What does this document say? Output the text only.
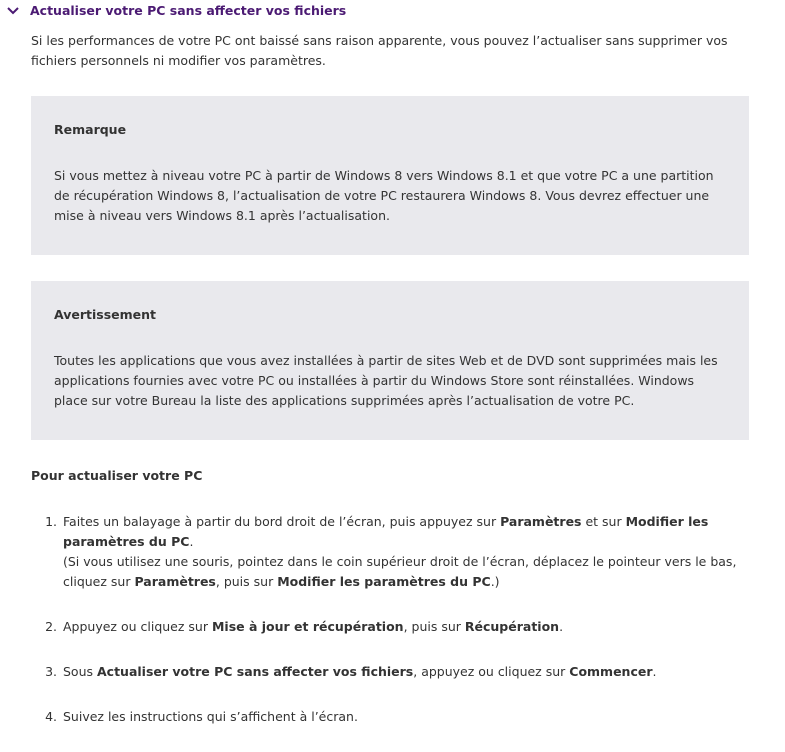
Actualiser votre PC sans affecter vos fichiers

Si les performances de votre PC ont baissé sans raison apparente, vous pouvez l’actualiser sans supprimer vos fichiers personnels ni modifier vos paramètres.

Remarque

Si vous mettez à niveau votre PC à partir de Windows 8 vers Windows 8.1 et que votre PC a une partition de récupération Windows 8, l’actualisation de votre PC restaurera Windows 8. Vous devrez effectuer une mise à niveau vers Windows 8.1 après l’actualisation.

Avertissement

Toutes les applications que vous avez installées à partir de sites Web et de DVD sont supprimées mais les applications fournies avec votre PC ou installées à partir du Windows Store sont réinstallées. Windows place sur votre Bureau la liste des applications supprimées après l’actualisation de votre PC.

Pour actualiser votre PC

1. Faites un balayage à partir du bord droit de l’écran, puis appuyez sur Paramètres et sur Modifier les paramètres du PC.
(Si vous utilisez une souris, pointez dans le coin supérieur droit de l’écran, déplacez le pointeur vers le bas, cliquez sur Paramètres, puis sur Modifier les paramètres du PC.)
2. Appuyez ou cliquez sur Mise à jour et récupération, puis sur Récupération.
3. Sous Actualiser votre PC sans affecter vos fichiers, appuyez ou cliquez sur Commencer.
4. Suivez les instructions qui s’affichent à l’écran.
